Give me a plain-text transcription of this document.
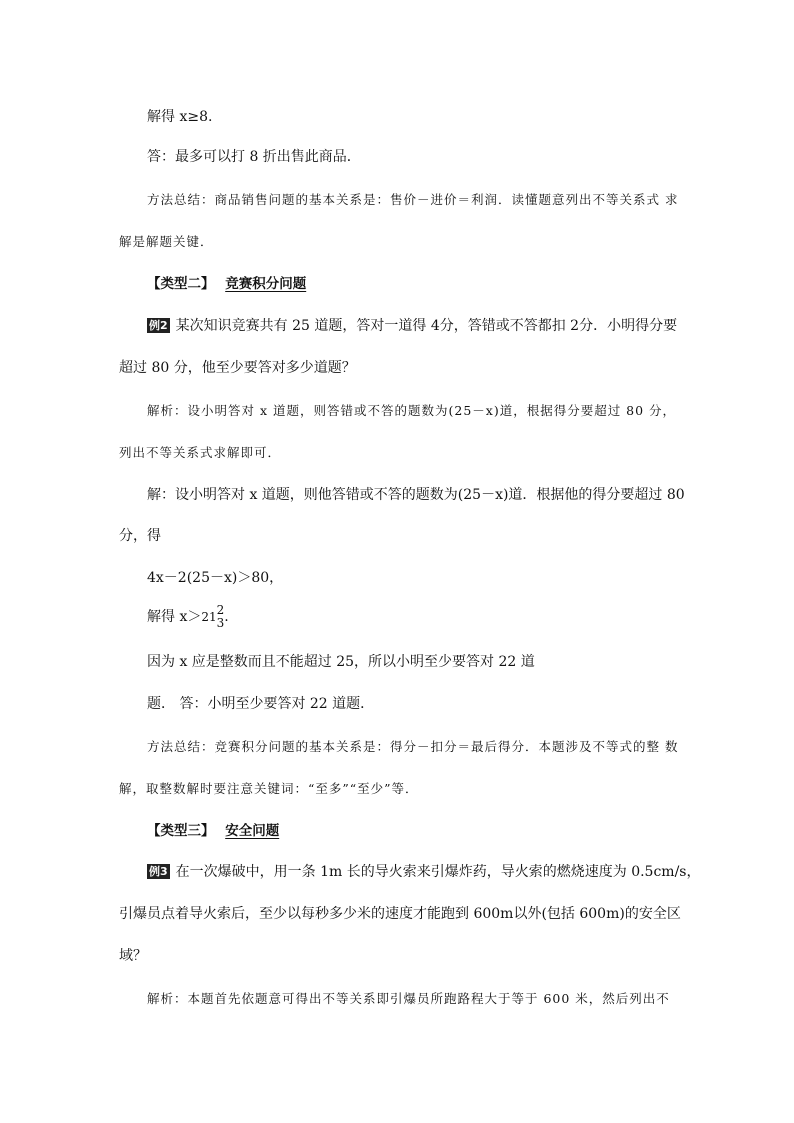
解得 x≥8.
答：最多可以打 8 折出售此商品．
方法总结：商品销售问题的基本关系是：售价－进价＝利润．读懂题意列出不等关系式 求
解是解题关键．
【类型二】 竞赛积分问题
例2 某次知识竞赛共有 25 道题，答对一道得 4分，答错或不答都扣 2分．小明得分要
超过 80 分，他至少要答对多少道题？
解析：设小明答对 x 道题，则答错或不答的题数为(25－x)道，根据得分要超过 80 分，
列出不等关系式求解即可．
解：设小明答对 x 道题，则他答错或不答的题数为(25－x)道．根据他的得分要超过 80
分，得
4x－2(25－x)＞80，
解得 x＞21 2
3 .
因为 x 应是整数而且不能超过 25，所以小明至少要答对 22 道
题． 答：小明至少要答对 22 道题．
方法总结：竞赛积分问题的基本关系是：得分－扣分＝最后得分．本题涉及不等式的整 数
解，取整数解时要注意关键词：“至多”“至少”等．
【类型三】 安全问题
例3 在一次爆破中，用一条 1m 长的导火索来引爆炸药，导火索的燃烧速度为 0.5cm/s，
引爆员点着导火索后，至少以每秒多少米的速度才能跑到 600m以外(包括 600m)的安全区
域？
解析：本题首先依题意可得出不等关系即引爆员所跑路程大于等于 600 米，然后列出不
